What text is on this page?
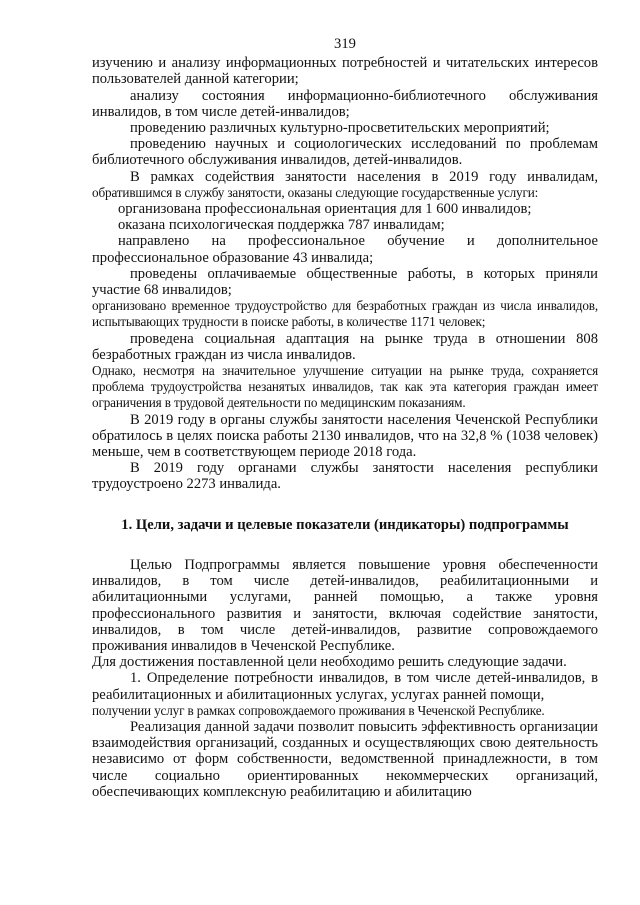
319

изучению и анализу информационных потребностей и читательских интересов пользователей данной категории;

анализу состояния информационно-библиотечного обслуживания инвалидов, в том числе детей-инвалидов;

проведению различных культурно-просветительских мероприятий;

проведению научных и социологических исследований по проблемам библиотечного обслуживания инвалидов, детей-инвалидов.

В рамках содействия занятости населения в 2019 году инвалидам,

обратившимся в службу занятости, оказаны следующие государственные услуги:

организована профессиональная ориентация для 1 600 инвалидов;

оказана психологическая поддержка 787 инвалидам;

направлено на профессиональное обучение и дополнительное профессиональное образование 43 инвалида;

проведены оплачиваемые общественные работы, в которых приняли участие 68 инвалидов;

организовано временное трудоустройство для безработных граждан из числа инвалидов, испытывающих трудности в поиске работы, в количестве 1171 человек;

проведена социальная адаптация на рынке труда в отношении 808 безработных граждан из числа инвалидов.

Однако, несмотря на значительное улучшение ситуации на рынке труда, сохраняется проблема трудоустройства незанятых инвалидов, так как эта категория граждан имеет ограничения в трудовой деятельности по медицинским показаниям.

В 2019 году в органы службы занятости населения Чеченской Республики обратилось в целях поиска работы 2130 инвалидов, что на 32,8 % (1038 человек) меньше, чем в соответствующем периоде 2018 года.

В 2019 году органами службы занятости населения республики трудоустроено 2273 инвалида.

1. Цели, задачи и целевые показатели (индикаторы) подпрограммы

Целью Подпрограммы является повышение уровня обеспеченности инвалидов, в том числе детей-инвалидов, реабилитационными и абилитационными услугами, ранней помощью, а также уровня профессионального развития и занятости, включая содействие занятости, инвалидов, в том числе детей-инвалидов, развитие сопровождаемого проживания инвалидов в Чеченской Республике.

Для достижения поставленной цели необходимо решить следующие задачи.

1. Определение потребности инвалидов, в том числе детей-инвалидов, в реабилитационных и абилитационных услугах, услугах ранней помощи,

получении услуг в рамках сопровождаемого проживания в Чеченской Республике.

Реализация данной задачи позволит повысить эффективность организации взаимодействия организаций, созданных и осуществляющих свою деятельность независимо от форм собственности, ведомственной принадлежности, в том числе социально ориентированных некоммерческих организаций, обеспечивающих комплексную реабилитацию и абилитацию
